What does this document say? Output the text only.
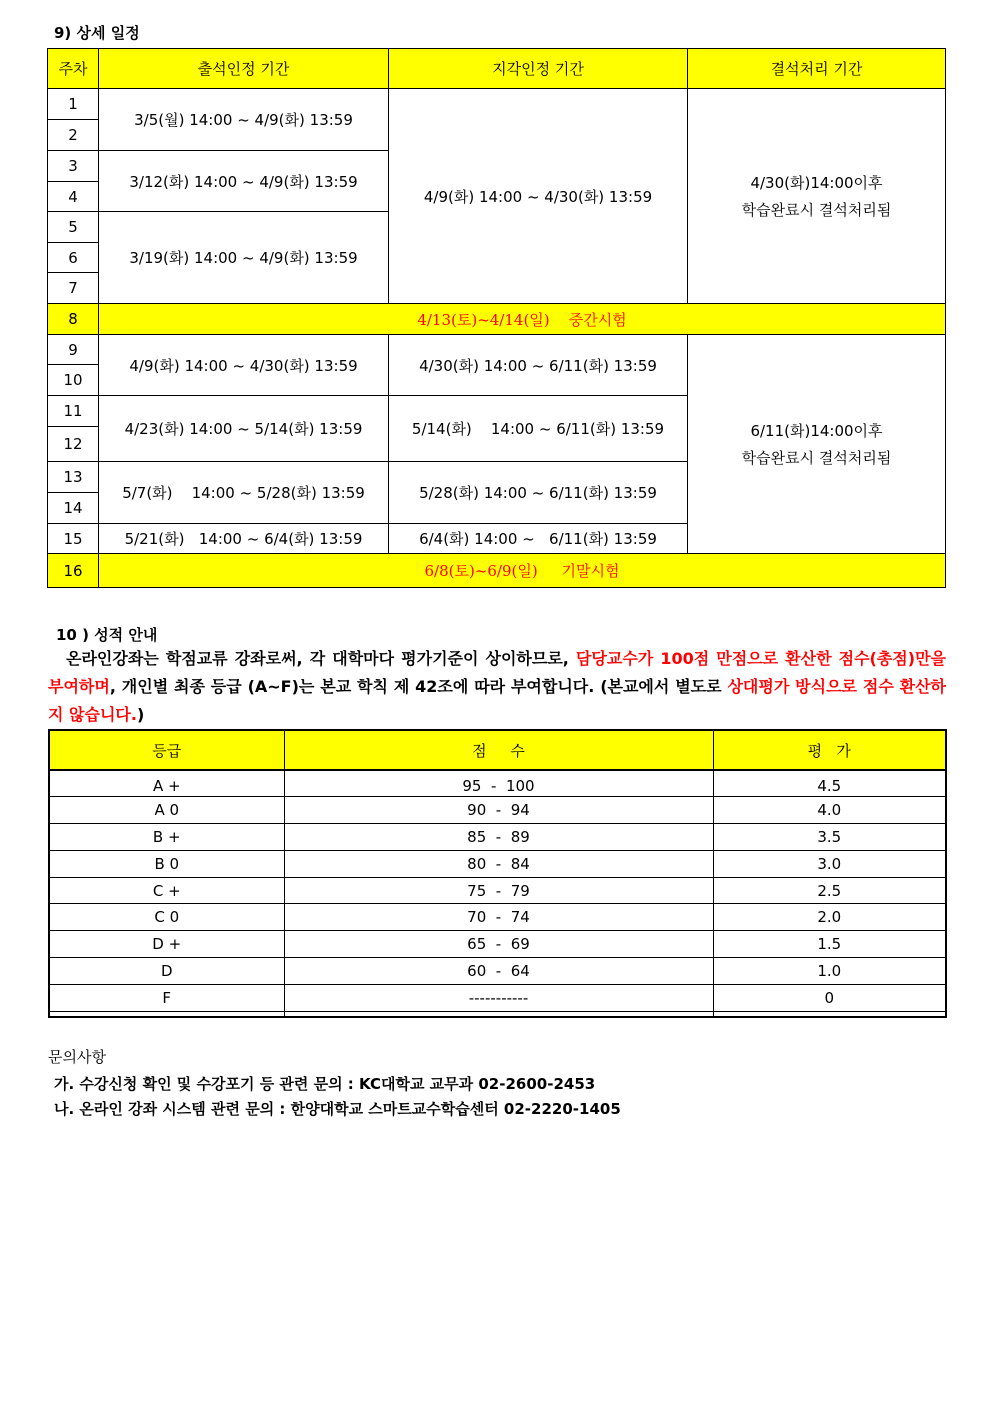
9) 상세 일정
주차	출석인정 기간	지각인정 기간	결석처리 기간
1	3/5(월) 14:00 ~ 4/9(화) 13:59	4/9(화) 14:00 ~ 4/30(화) 13:59	4/30(화)14:00이후
학습완료시 결석처리됨

2			
3	3/12(화) 14:00 ~ 4/9(화) 13:59		
4			
5	3/19(화) 14:00 ~ 4/9(화) 13:59		
6			
7			
8	4/13(토)~4/14(일)    중간시험		
9	4/9(화) 14:00 ~ 4/30(화) 13:59	4/30(화) 14:00 ~ 6/11(화) 13:59	6/11(화)14:00이후
학습완료시 결석처리됨

10			
11	4/23(화) 14:00 ~ 5/14(화) 13:59	5/14(화)    14:00 ~ 6/11(화) 13:59	
12			
13	5/7(화)    14:00 ~ 5/28(화) 13:59	5/28(화) 14:00 ~ 6/11(화) 13:59	
14			
15	5/21(화)   14:00 ~ 6/4(화) 13:59	6/4(화) 14:00 ~   6/11(화) 13:59	
16	6/8(토)~6/9(일)     기말시험		
10 ) 성적 안내
온라인강좌는 학점교류 강좌로써, 각 대학마다 평가기준이 상이하므로, 담당교수가 100점 만점으로 환산한 점수(총점)만을 부여하며, 개인별 최종 등급 (A~F)는 본교 학칙 제 42조에 따라 부여합니다. (본교에서 별도로 상대평가 방식으로 점수 환산하지 않습니다.)
등급	점     수	평   가
A +	95  -  100	4.5
A 0	90  -  94	4.0
B +	85  -  89	3.5
B 0	80  -  84	3.0
C +	75  -  79	2.5
C 0	70  -  74	2.0
D +	65  -  69	1.5
D	60  -  64	1.0
F	-----------	0

문의사항
가. 수강신청 확인 및 수강포기 등 관련 문의 : KC대학교 교무과 02-2600-2453
나. 온라인 강좌 시스템 관련 문의 : 한양대학교 스마트교수학습센터 02-2220-1405
